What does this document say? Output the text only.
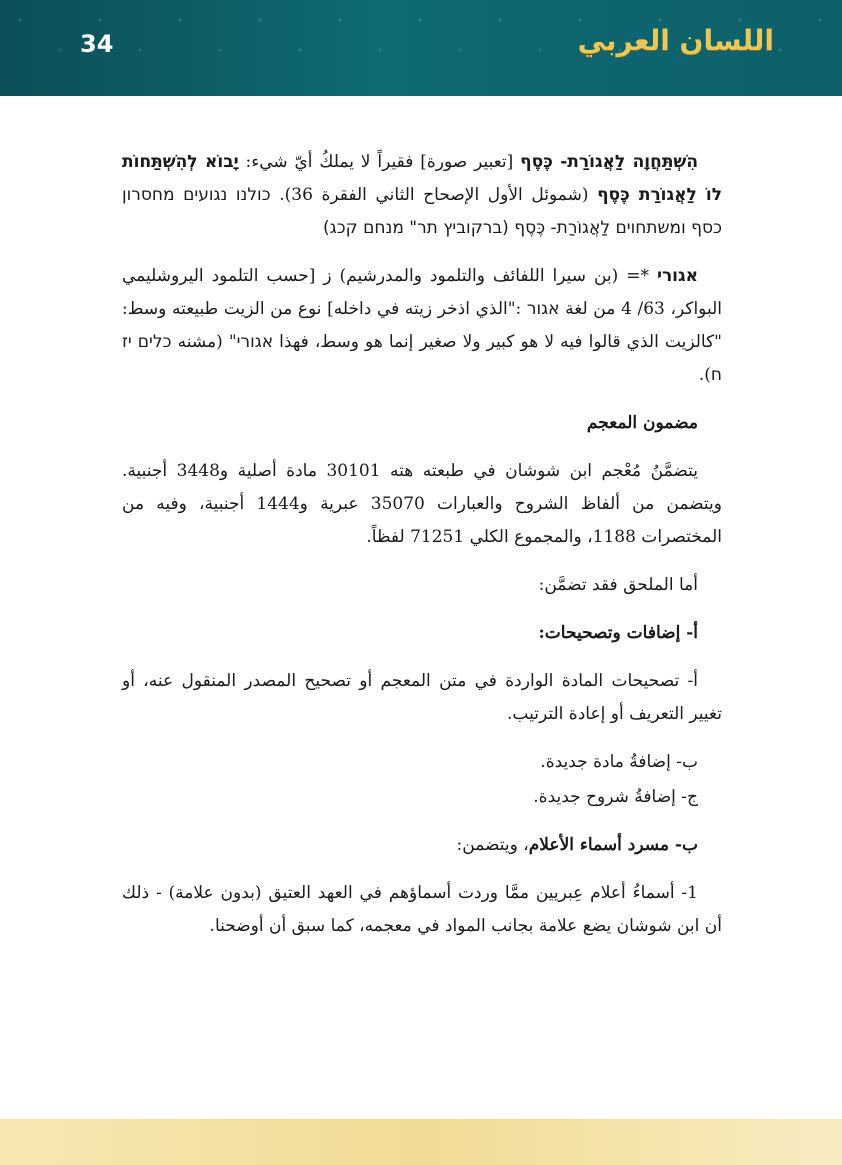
34	اللسان العربي

הִשְׁתַּחֲוָה לַאֲגוֹרַת- כֶּסֶף [تعبير صورة] فقيراً لا يملكُ أيّ شيء: יָבוֹא לְהִשְׁתַּחוֹת לוֹ לַאֲגוֹרַת כֶּסֶף (شموئل الأول الإصحاح الثاني الفقرة 36). כולנו נגועים מחסרון כסף ומשתחוים לַאֲגוֹרַת- כֶּסֶף (ברקוביץ תר" מנחם קכג)

אגורי *= (بن سيرا اللفائف والتلمود والمدرشيم) ز [حسب التلمود اليروشليمي البواكر، 63/ 4 من لغة אגור :"الذي اذخر زيته في داخله] نوع من الزيت طبيعته وسط: "كالزيت الذي قالوا فيه لا هو كبير ولا صغير إنما هو وسط، فهذا אגורי" (مشنه כלים יז ח).

مضمون المعجم

يتضمَّنُ مُعْجم ابن شوشان في طبعته هته 30101 مادة أصلية و3448 أجنبية. ويتضمن من ألفاظ الشروح والعبارات 35070 عبرية و1444 أجنبية، وفيه من المختصرات 1188، والمجموع الكلي 71251 لفظاً.

أما الملحق فقد تضمَّن:

أ- إضافات وتصحيحات:

أ- تصحيحات المادة الواردة في متن المعجم أو تصحيح المصدر المنقول عنه، أو تغيير التعريف أو إعادة الترتيب.

ب- إضافةُ مادة جديدة.

ج- إضافةُ شروح جديدة.

ب- مسرد أسماء الأعلام، ويتضمن:

1- أسماءُ أعلام عِبريين ممَّا وردت أسماؤهم في العهد العتيق (بدون علامة) - ذلك أن ابن شوشان يضع علامة بجانب المواد في معجمه، كما سبق أن أوضحنا.
